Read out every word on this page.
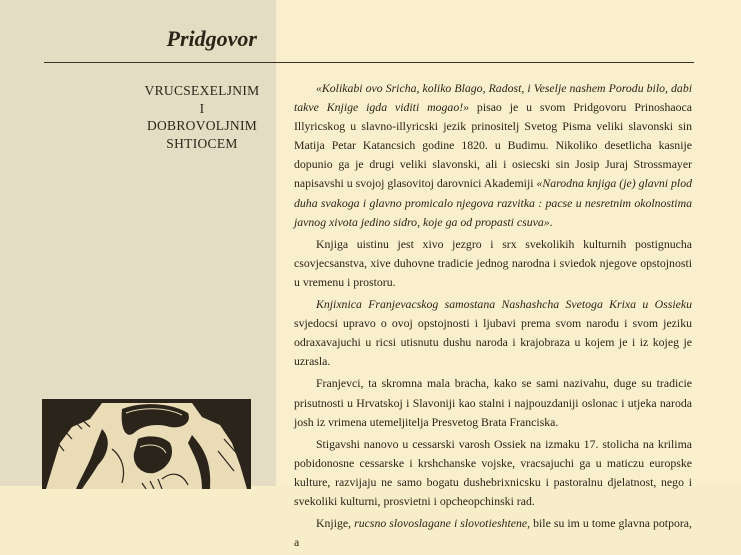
Pridgovor
VRUCSEXELJNIM
I
DOBROVOLJNIM
SHTIOCEM

«Kolikabi ovo Sricha, koliko Blago, Radost, i Veselje nashem Porodu bilo, dabi takve Knjige igda viditi mogao!» pisao je u svom Pridgovoru Prinoshaoca Illyricskog u slavno-illyricski jezik prinositelj Svetog Pisma veliki slavonski sin Matija Petar Katancsich godine 1820. u Budimu. Nikoliko desetlicha kasnije dopunio ga je drugi veliki slavonski, ali i osiecski sin Josip Juraj Strossmayer napisavshi u svojoj glasovitoj darovnici Akademiji «Narodna knjiga (je) glavni plod duha svakoga i glavno promicalo njegova razvitka : pacse u nesretnim okolnostima javnog xivota jedino sidro, koje ga od propasti csuva».

Knjiga uistinu jest xivo jezgro i srx svekolikih kulturnih postignucha csovjecsanstva, xive duhovne tradicie jednog narodna i sviedok njegove opstojnosti u vremenu i prostoru.

Knjixnica Franjevacskog samostana Nashashcha Svetoga Krixa u Ossieku svjedocsi upravo o ovoj opstojnosti i ljubavi prema svom narodu i svom jeziku odraxavajuchi u ricsi utisnutu dushu naroda i krajobraza u kojem je i iz kojeg je uzrasla.

Franjevci, ta skromna mala bracha, kako se sami nazivahu, duge su tradicie prisutnosti u Hrvatskoj i Slavoniji kao stalni i najpouzdaniji oslonac i utjeka naroda josh iz vrimena utemeljitelja Presvetog Brata Franciska.

Stigavshi nanovo u cessarski varosh Ossiek na izmaku 17. stolicha na krilima pobidonosne cessarske i krshchanske vojske, vracsajuchi ga u maticzu europske kulture, razvijaju ne samo bogatu dushebrixnicsku i pastoralnu djelatnost, nego i svekoliki kulturni, prosvietni i opcheopchinski rad.

Knjige, rucsno slovoslagane i slovotieshtene, bile su im u tome glavna potpora, a
